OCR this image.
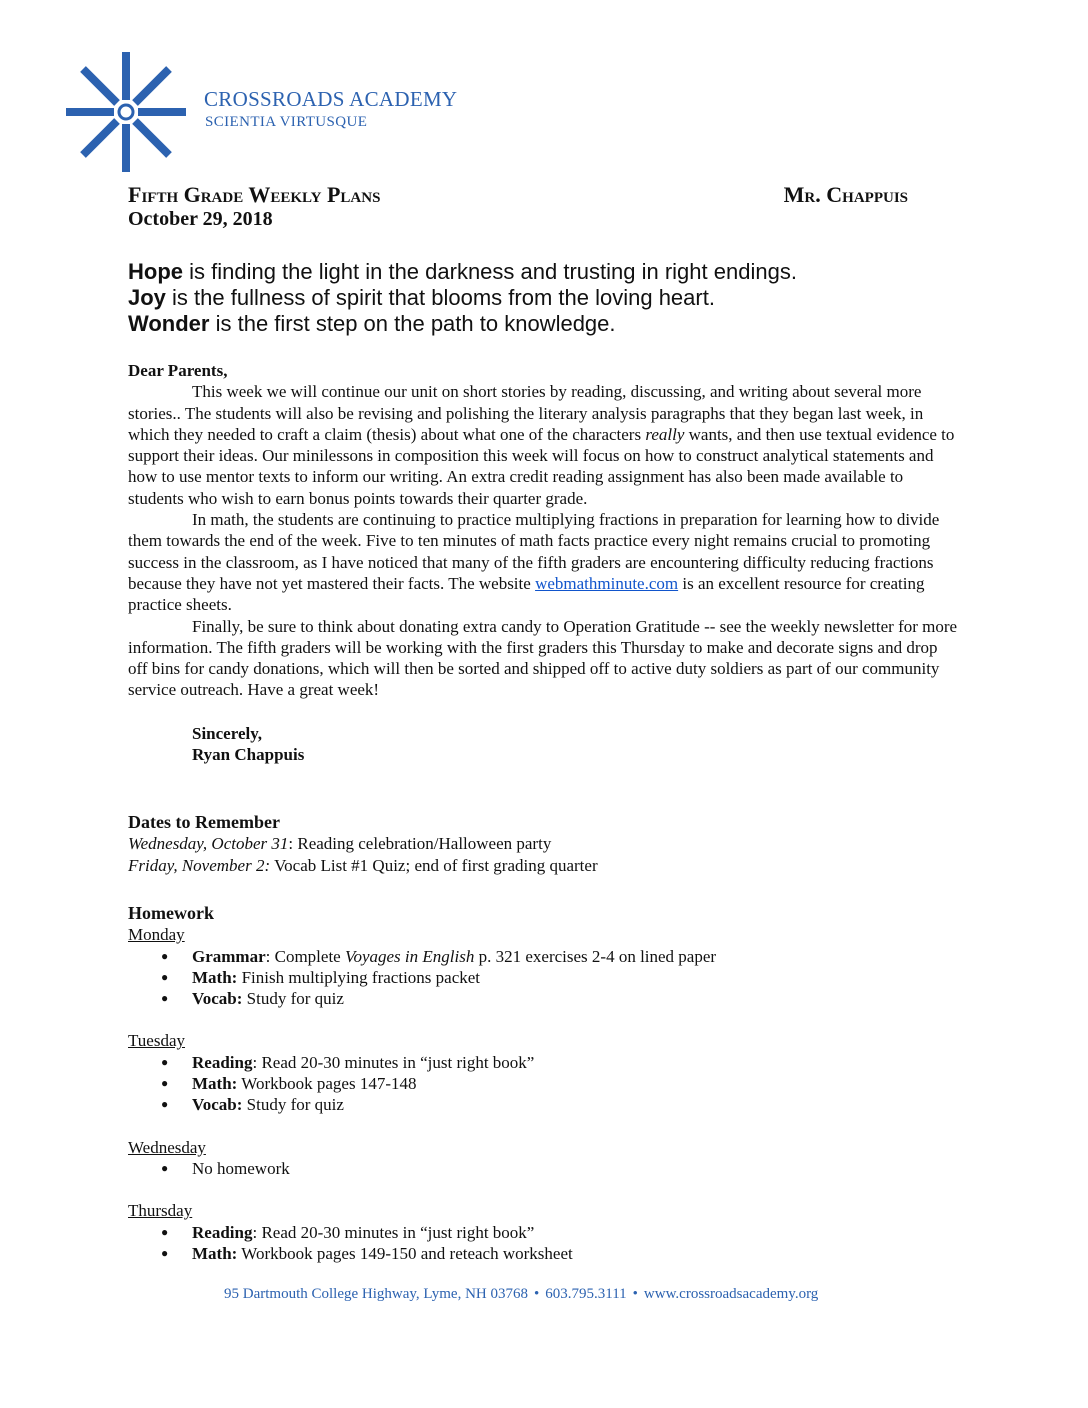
CROSSROADS ACADEMY
SCIENTIA VIRTUSQUE
Fifth Grade Weekly Plans	Mr. Chappuis
October 29, 2018
Hope is finding the light in the darkness and trusting in right endings.
Joy is the fullness of spirit that blooms from the loving heart.
Wonder is the first step on the path to knowledge.
Dear Parents,

This week we will continue our unit on short stories by reading, discussing, and writing about several more stories.. The students will also be revising and polishing the literary analysis paragraphs that they began last week, in which they needed to craft a claim (thesis) about what one of the characters really wants, and then use textual evidence to support their ideas. Our minilessons in composition this week will focus on how to construct analytical statements and how to use mentor texts to inform our writing. An extra credit reading assignment has also been made available to students who wish to earn bonus points towards their quarter grade.

In math, the students are continuing to practice multiplying fractions in preparation for learning how to divide them towards the end of the week. Five to ten minutes of math facts practice every night remains crucial to promoting success in the classroom, as I have noticed that many of the fifth graders are encountering difficulty reducing fractions because they have not yet mastered their facts. The website webmathminute.com is an excellent resource for creating practice sheets.

Finally, be sure to think about donating extra candy to Operation Gratitude -- see the weekly newsletter for more information. The fifth graders will be working with the first graders this Thursday to make and decorate signs and drop off bins for candy donations, which will then be sorted and shipped off to active duty soldiers as part of our community service outreach. Have a great week!

Sincerely,
Ryan Chappuis
Dates to Remember
Wednesday, October 31: Reading celebration/Halloween party
Friday, November 2: Vocab List #1 Quiz; end of first grading quarter
Homework
Monday
● Grammar: Complete Voyages in English p. 321 exercises 2-4 on lined paper
● Math: Finish multiplying fractions packet
● Vocab: Study for quiz
Tuesday
● Reading: Read 20-30 minutes in “just right book”
● Math: Workbook pages 147-148
● Vocab: Study for quiz
Wednesday
● No homework
Thursday
● Reading: Read 20-30 minutes in “just right book”
● Math: Workbook pages 149-150 and reteach worksheet
95 Dartmouth College Highway, Lyme, NH 03768 • 603.795.3111 • www.crossroadsacademy.org
